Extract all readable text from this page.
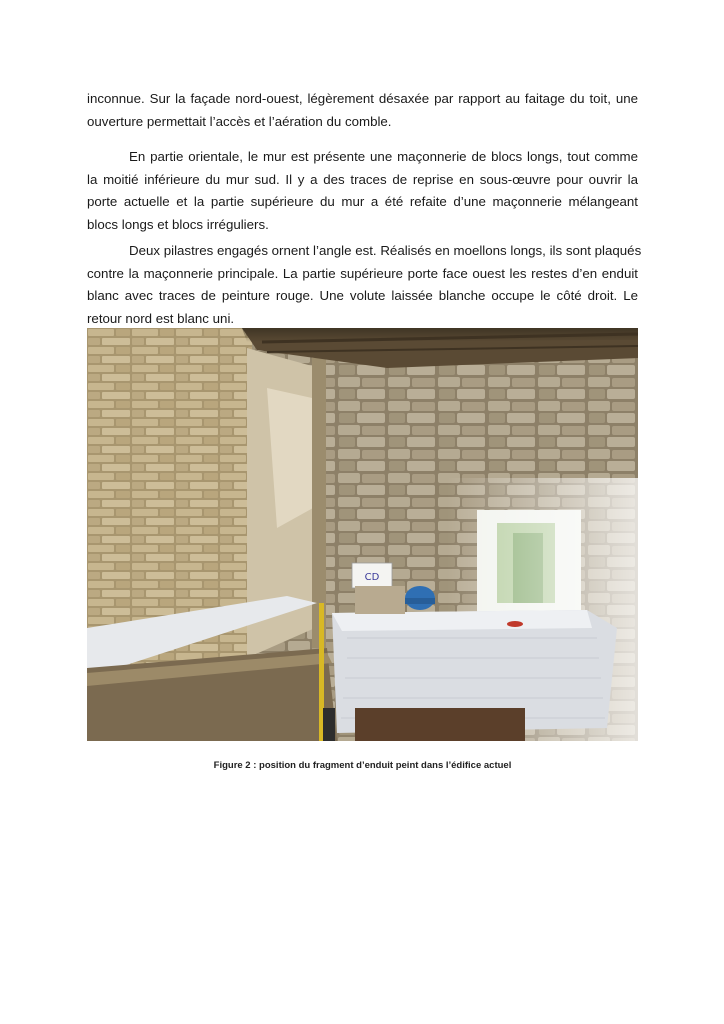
inconnue. Sur la façade nord-ouest, légèrement désaxée par rapport au faitage du toit, une
ouverture permettait l’accès et l’aération du comble.

En partie orientale, le mur est présente une maçonnerie de blocs longs, tout comme
la moitié inférieure du mur sud. Il y a des traces de reprise en sous-œuvre pour ouvrir la
porte actuelle et la partie supérieure du mur a été refaite d’une maçonnerie mélangeant
blocs longs et blocs irréguliers.

Deux pilastres engagés ornent l’angle est. Réalisés en moellons longs, ils sont plaqués
contre la maçonnerie principale. La partie supérieure porte face ouest les restes d’en enduit
blanc avec traces de peinture rouge. Une volute laissée blanche occupe le côté droit. Le
retour nord est blanc uni.

CD
Figure 2 : position du fragment d’enduit peint dans l’édifice actuel
